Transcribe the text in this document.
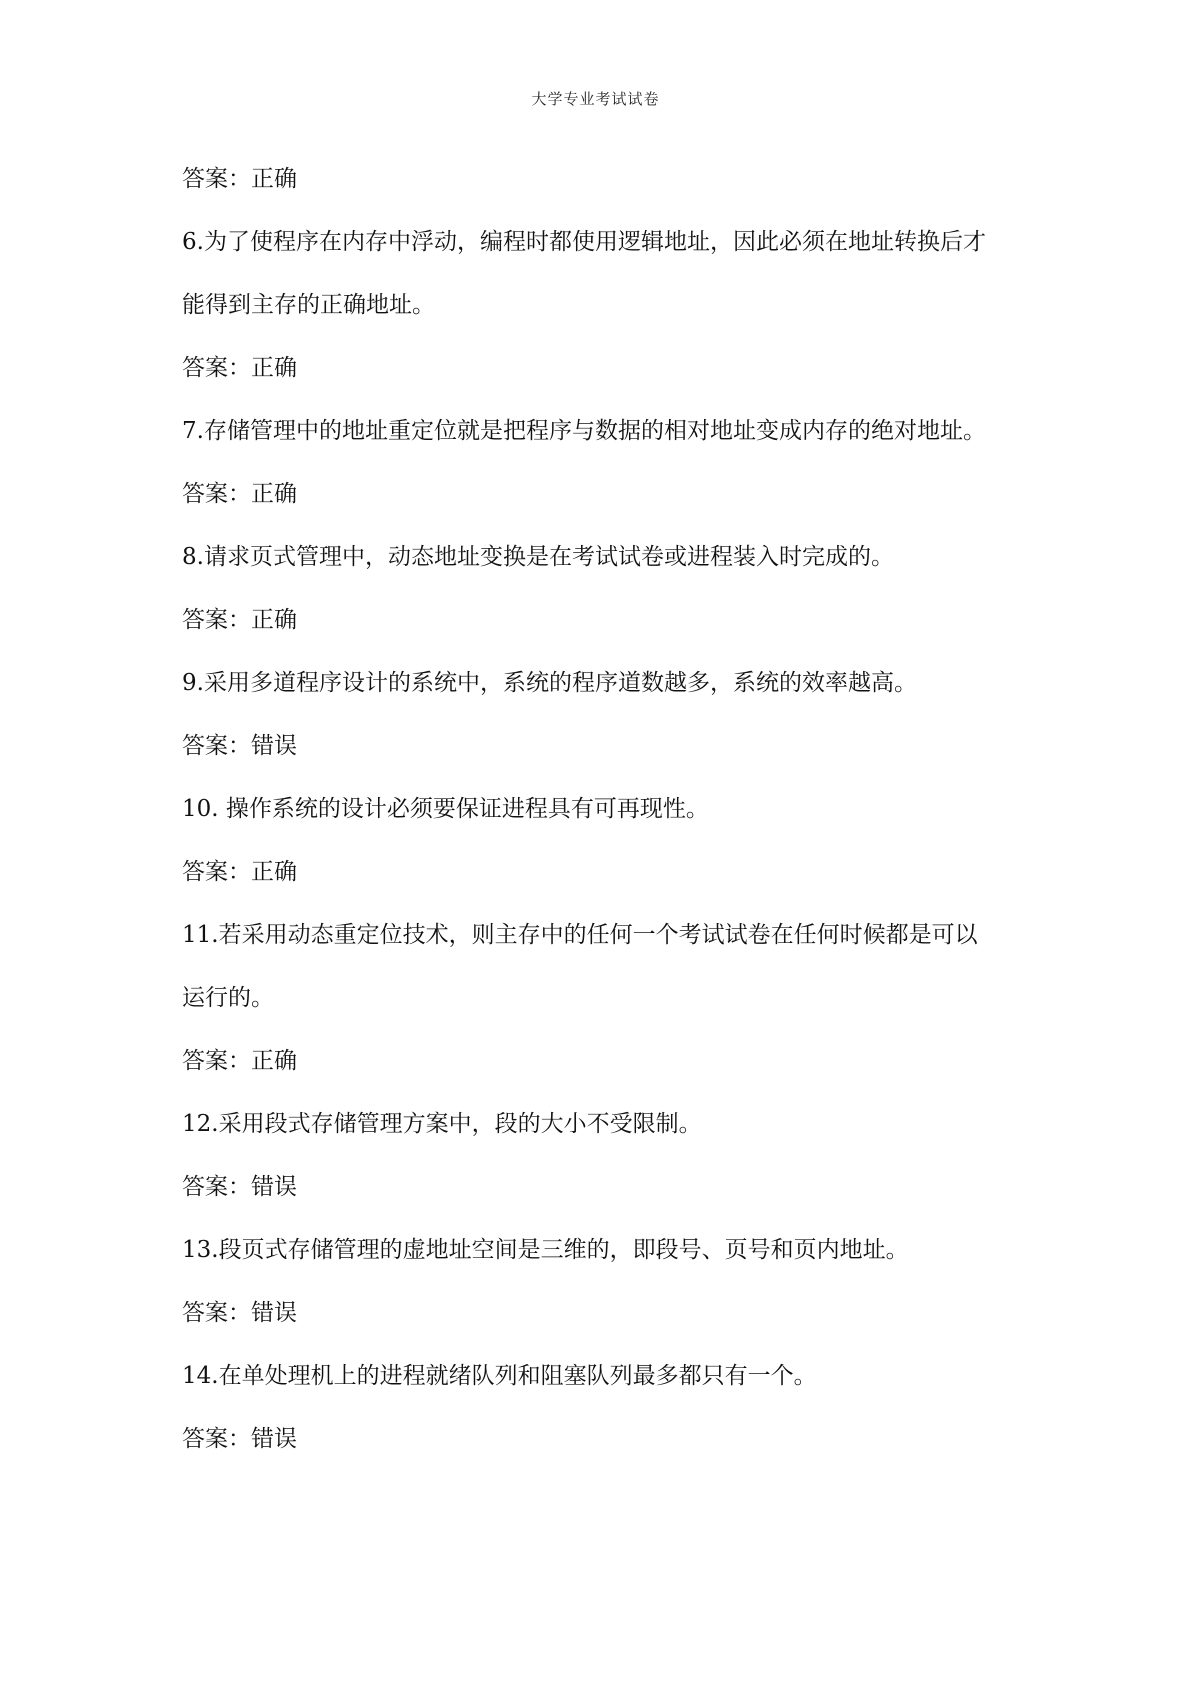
大学专业考试试卷
答案：正确
6.为了使程序在内存中浮动，编程时都使用逻辑地址，因此必须在地址转换后才
能得到主存的正确地址。
答案：正确
7.存储管理中的地址重定位就是把程序与数据的相对地址变成内存的绝对地址。
答案：正确
8.请求页式管理中，动态地址变换是在考试试卷或进程装入时完成的。
答案：正确
9.采用多道程序设计的系统中，系统的程序道数越多，系统的效率越高。
答案：错误
10. 操作系统的设计必须要保证进程具有可再现性。
答案：正确
11.若采用动态重定位技术，则主存中的任何一个考试试卷在任何时候都是可以
运行的。
答案：正确
12.采用段式存储管理方案中，段的大小不受限制。
答案：错误
13.段页式存储管理的虚地址空间是三维的，即段号、页号和页内地址。
答案：错误
14.在单处理机上的进程就绪队列和阻塞队列最多都只有一个。
答案：错误
